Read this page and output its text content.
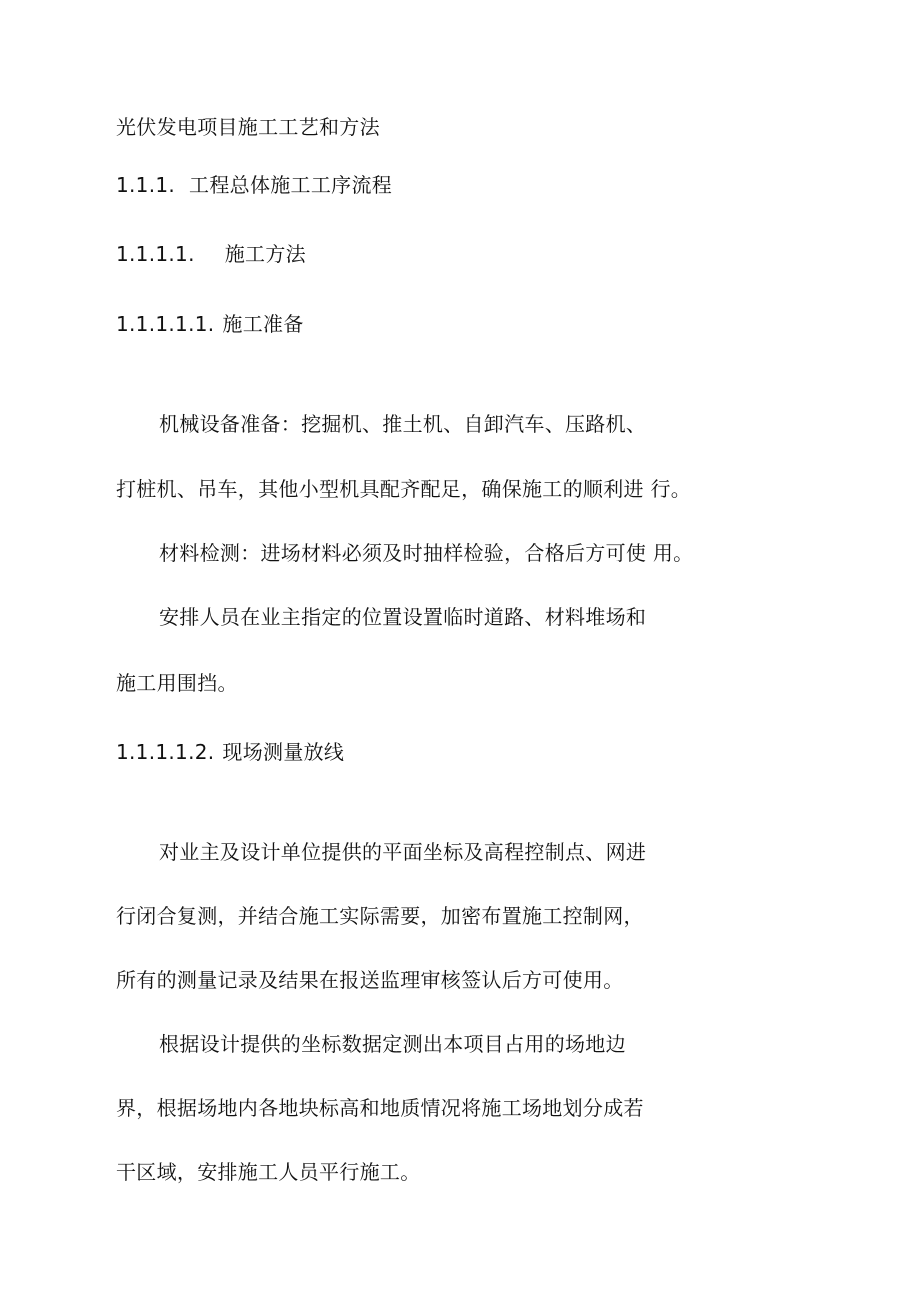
光伏发电项目施工工艺和方法
1.1.1. 工程总体施工工序流程
1.1.1.1. 施工方法
1.1.1.1.1. 施工准备
机械设备准备：挖掘机、推土机、自卸汽车、压路机、
打桩机、吊车，其他小型机具配齐配足，确保施工的顺利进 行。
材料检测：进场材料必须及时抽样检验，合格后方可使 用。
安排人员在业主指定的位置设置临时道路、材料堆场和
施工用围挡。
1.1.1.1.2. 现场测量放线
对业主及设计单位提供的平面坐标及高程控制点、网进
行闭合复测，并结合施工实际需要，加密布置施工控制网，
所有的测量记录及结果在报送监理审核签认后方可使用。
根据设计提供的坐标数据定测出本项目占用的场地边
界，根据场地内各地块标高和地质情况将施工场地划分成若
干区域，安排施工人员平行施工。
